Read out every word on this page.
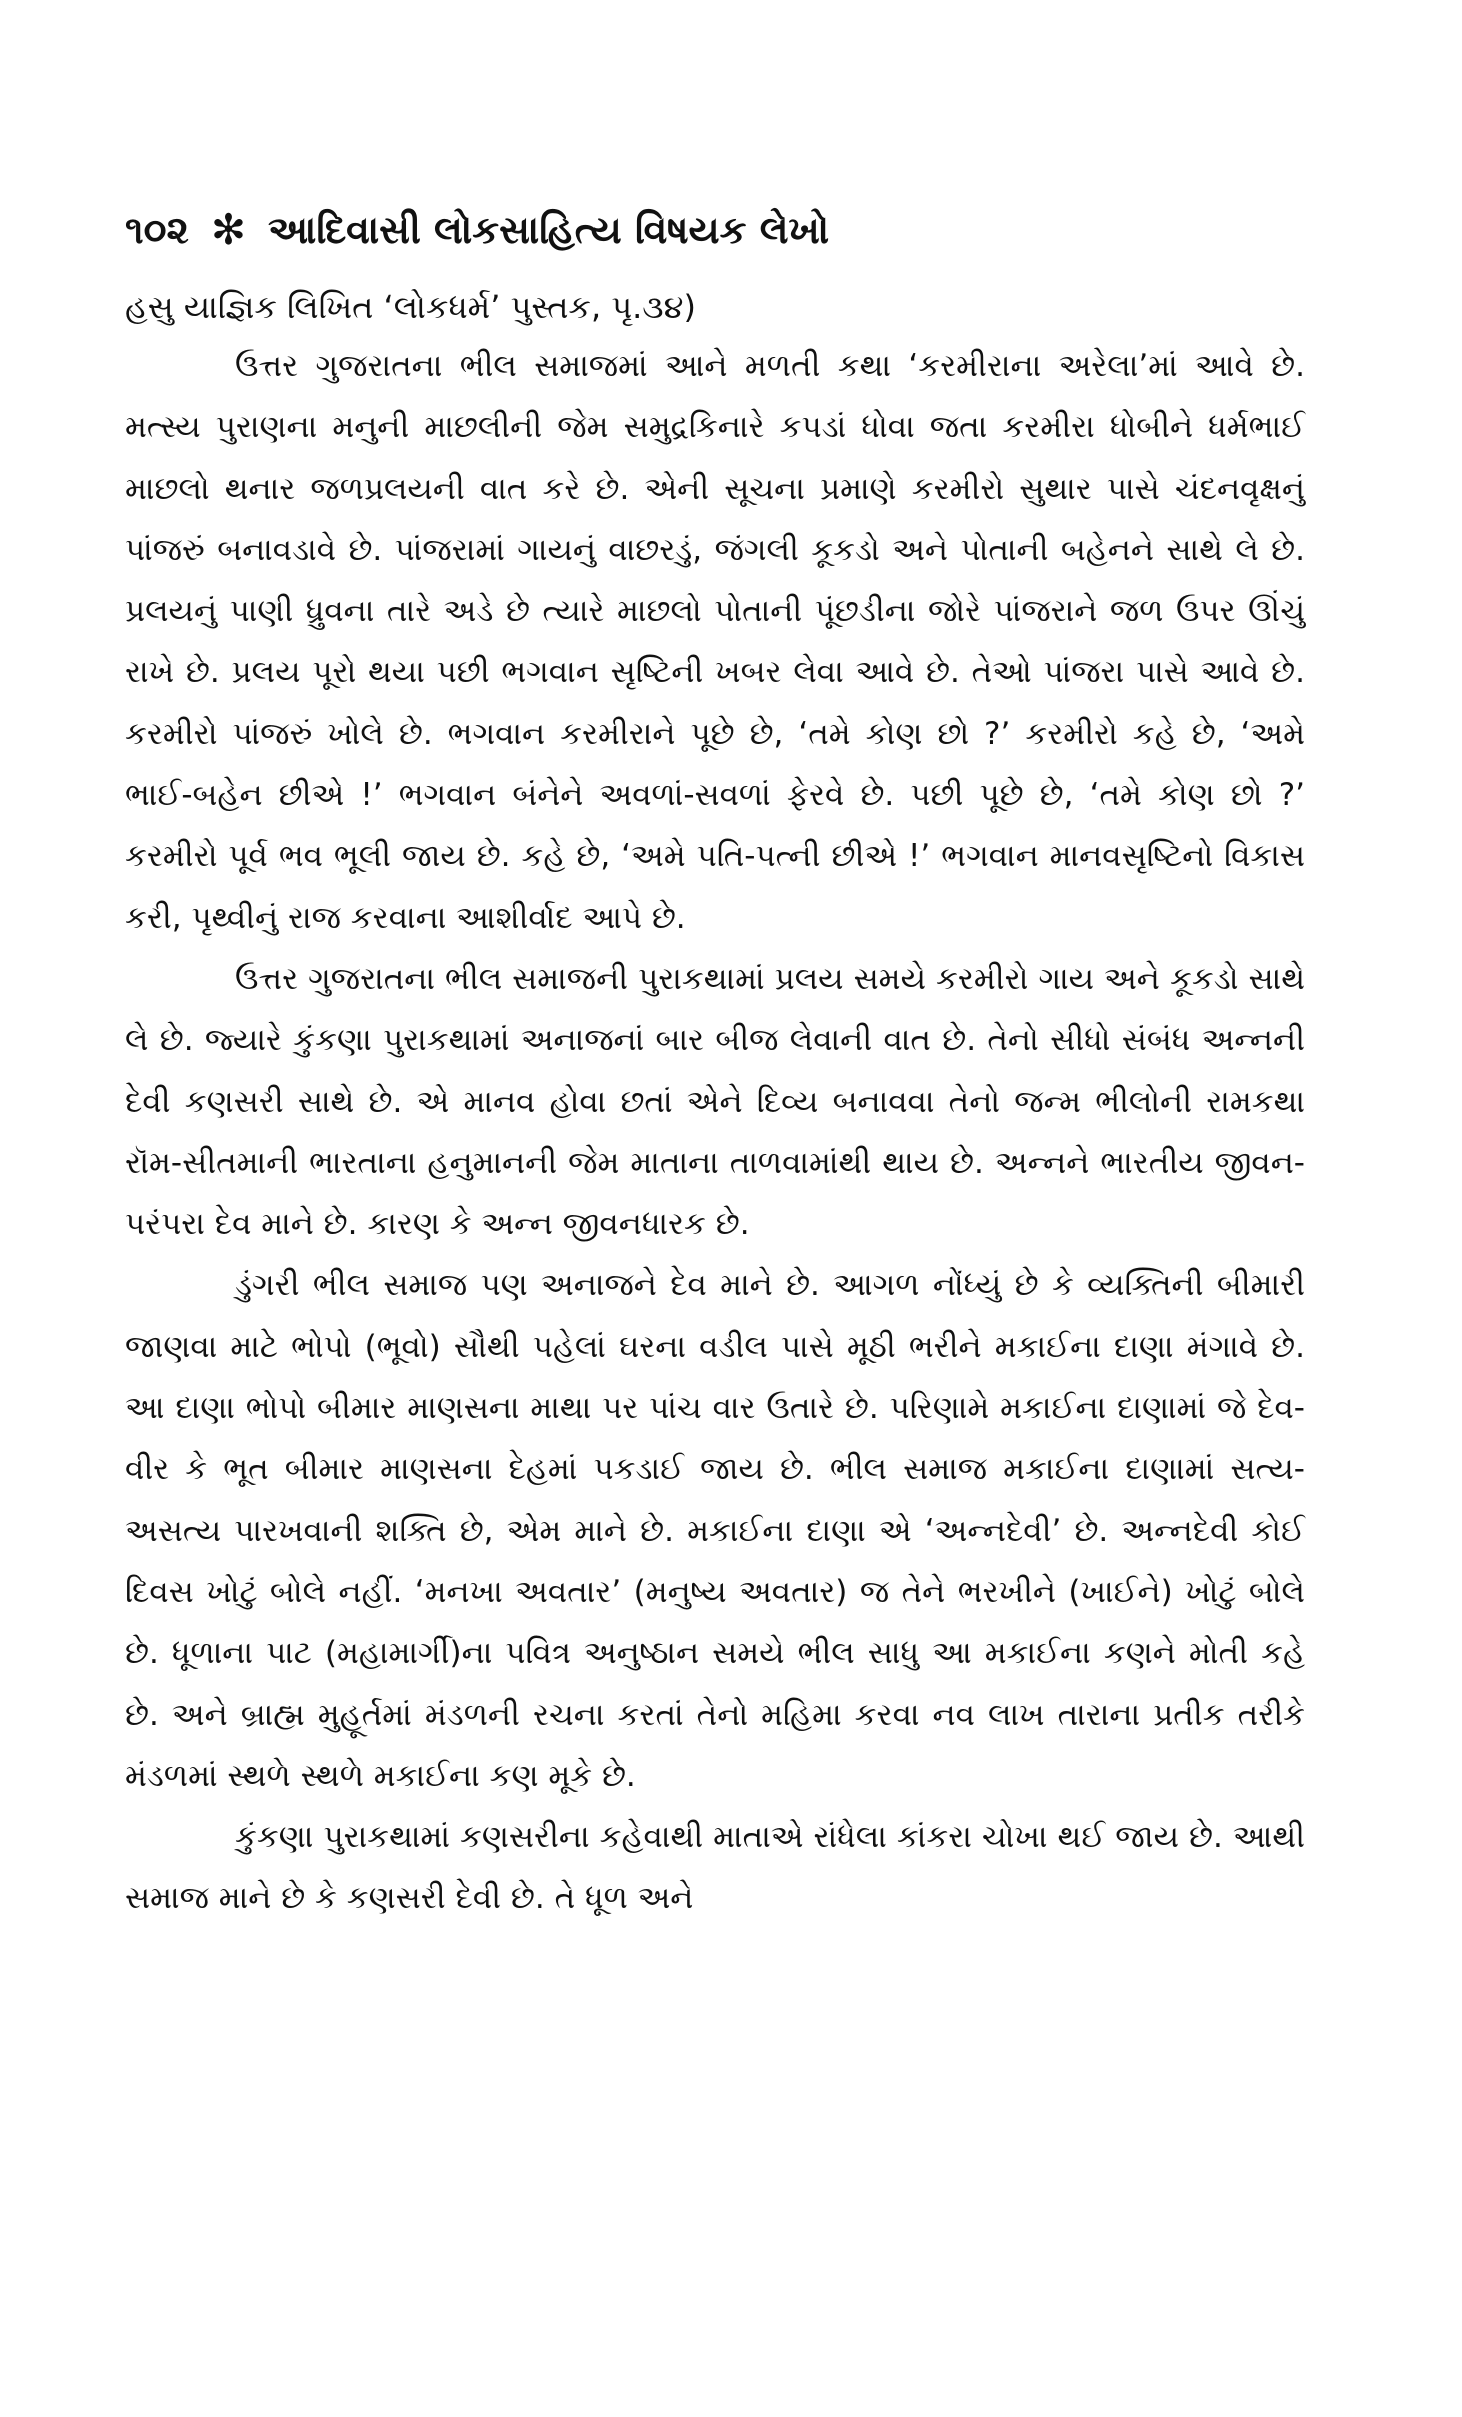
૧૦૨ ✻ આદિવાસી લોકસાહિત્ય વિષયક લેખો
હસુ યાજ્ઞિક લિખિત ‘લોકધર્મ’ પુસ્તક, પૃ.૩૪)

ઉત્તર ગુજરાતના ભીલ સમાજમાં આને મળતી કથા ‘કરમીરાના અરેલા’માં આવે છે. મત્સ્ય પુરાણના મનુની માછલીની જેમ સમુદ્રકિનારે કપડાં ધોવા જતા કરમીરા ધોબીને ધર્મભાઈ માછલો થનાર જળપ્રલયની વાત કરે છે. એની સૂચના પ્રમાણે કરમીરો સુથાર પાસે ચંદનવૃક્ષનું પાંજરું બનાવડાવે છે. પાંજરામાં ગાયનું વાછરડું, જંગલી કૂકડો અને પોતાની બહેનને સાથે લે છે. પ્રલયનું પાણી ધ્રુવના તારે અડે છે ત્યારે માછલો પોતાની પૂંછડીના જોરે પાંજરાને જળ ઉપર ઊંચું રાખે છે. પ્રલય પૂરો થયા પછી ભગવાન સૃષ્ટિની ખબર લેવા આવે છે. તેઓ પાંજરા પાસે આવે છે. કરમીરો પાંજરું ખોલે છે. ભગવાન કરમીરાને પૂછે છે, ‘તમે કોણ છો ?’ કરમીરો કહે છે, ‘અમે ભાઈ-બહેન છીએ !’ ભગવાન બંનેને અવળાં-સવળાં ફેરવે છે. પછી પૂછે છે, ‘તમે કોણ છો ?’ કરમીરો પૂર્વ ભવ ભૂલી જાય છે. કહે છે, ‘અમે પતિ-પત્ની છીએ !’ ભગવાન માનવસૃષ્ટિનો વિકાસ કરી, પૃથ્વીનું રાજ કરવાના આશીર્વાદ આપે છે.

ઉત્તર ગુજરાતના ભીલ સમાજની પુરાકથામાં પ્રલય સમયે કરમીરો ગાય અને કૂકડો સાથે લે છે. જ્યારે કુંકણા પુરાકથામાં અનાજનાં બાર બીજ લેવાની વાત છે. તેનો સીધો સંબંધ અન્નની દેવી કણસરી સાથે છે. એ માનવ હોવા છતાં એને દિવ્ય બનાવવા તેનો જન્મ ભીલોની રામકથા રૉમ-સીતમાની ભારતાના હનુમાનની જેમ માતાના તાળવામાંથી થાય છે. અન્નને ભારતીય જીવન-પરંપરા દેવ માને છે. કારણ કે અન્ન જીવનધારક છે.

ડુંગરી ભીલ સમાજ પણ અનાજને દેવ માને છે. આગળ નોંધ્યું છે કે વ્યક્તિની બીમારી જાણવા માટે ભોપો (ભૂવો) સૌથી પહેલાં ઘરના વડીલ પાસે મૂઠી ભરીને મકાઈના દાણા મંગાવે છે. આ દાણા ભોપો બીમાર માણસના માથા પર પાંચ વાર ઉતારે છે. પરિણામે મકાઈના દાણામાં જે દેવ-વીર કે ભૂત બીમાર માણસના દેહમાં પકડાઈ જાય છે. ભીલ સમાજ મકાઈના દાણામાં સત્ય-અસત્ય પારખવાની શક્તિ છે, એમ માને છે. મકાઈના દાણા એ ‘અન્નદેવી’ છે. અન્નદેવી કોઈ દિવસ ખોટું બોલે નહીં. ‘મનખા અવતાર’ (મનુષ્ય અવતાર) જ તેને ભરખીને (ખાઈને) ખોટું બોલે છે. ધૂળાના પાટ (મહામાર્ગી)ના પવિત્ર અનુષ્ઠાન સમયે ભીલ સાધુ આ મકાઈના કણને મોતી કહે છે. અને બ્રાહ્મ મુહૂર્તમાં મંડળની રચના કરતાં તેનો મહિમા કરવા નવ લાખ તારાના પ્રતીક તરીકે મંડળમાં સ્થળે સ્થળે મકાઈના કણ મૂકે છે.

કુંકણા પુરાકથામાં કણસરીના કહેવાથી માતાએ રાંધેલા કાંકરા ચોખા થઈ જાય છે. આથી સમાજ માને છે કે કણસરી દેવી છે. તે ધૂળ અને
